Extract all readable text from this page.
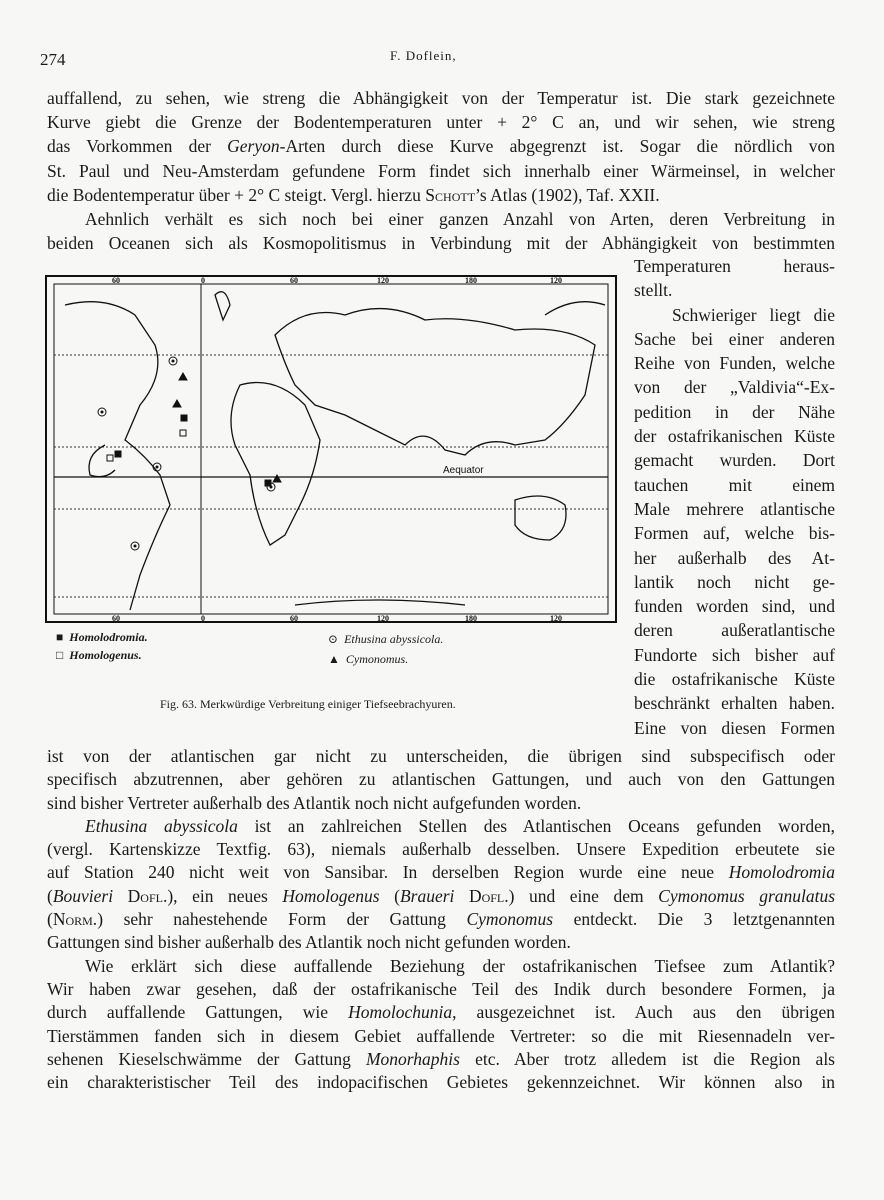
274	F. Doflein,
auffallend, zu sehen, wie streng die Abhängigkeit von der Temperatur ist. Die stark gezeichnete
Kurve giebt die Grenze der Bodentemperaturen unter + 2° C an, und wir sehen, wie streng
das Vorkommen der Geryon-Arten durch diese Kurve abgegrenzt ist. Sogar die nördlich von
St. Paul und Neu-Amsterdam gefundene Form findet sich innerhalb einer Wärmeinsel, in welcher
die Bodentemperatur über + 2° C steigt. Vergl. hierzu Schott’s Atlas (1902), Taf. XXII.
Aehnlich verhält es sich noch bei einer ganzen Anzahl von Arten, deren Verbreitung in
beiden Oceanen sich als Kosmopolitismus in Verbindung mit der Abhängigkeit von bestimmten
Temperaturen heraus-
stellt.
Schwieriger liegt die
Sache bei einer anderen
Reihe von Funden, welche
von der „Valdivia“-Ex-
pedition in der Nähe
der ostafrikanischen Küste
gemacht wurden. Dort
tauchen mit einem
Male mehrere atlantische
Formen auf, welche bis-
her außerhalb des At-
lantik noch nicht ge-
funden worden sind, und
deren außeratlantische
Fundorte sich bisher auf
die ostafrikanische Küste
beschränkt erhalten haben.
Eine von diesen Formen
ist von der atlantischen gar nicht zu unterscheiden, die übrigen sind subspecifisch oder
specifisch abzutrennen, aber gehören zu atlantischen Gattungen, und auch von den Gattungen
sind bisher Vertreter außerhalb des Atlantik noch nicht aufgefunden worden.
Ethusina abyssicola ist an zahlreichen Stellen des Atlantischen Oceans gefunden worden,
(vergl. Kartenskizze Textfig. 63), niemals außerhalb desselben. Unsere Expedition erbeutete sie
auf Station 240 nicht weit von Sansibar. In derselben Region wurde eine neue Homolodromia
(Bouvieri Dofl.), ein neues Homologenus (Braueri Dofl.) und eine dem Cymonomus granulatus
(Norm.) sehr nahestehende Form der Gattung Cymonomus entdeckt. Die 3 letztgenannten
Gattungen sind bisher außerhalb des Atlantik noch nicht gefunden worden.
Wie erklärt sich diese auffallende Beziehung der ostafrikanischen Tiefsee zum Atlantik?
Wir haben zwar gesehen, daß der ostafrikanische Teil des Indik durch besondere Formen, ja
durch auffallende Gattungen, wie Homolochunia, ausgezeichnet ist. Auch aus den übrigen
Tierstämmen fanden sich in diesem Gebiet auffallende Vertreter: so die mit Riesennadeln ver-
sehenen Kieselschwämme der Gattung Monorhaphis etc. Aber trotz alledem ist die Region als
ein charakteristischer Teil des indopacifischen Gebietes gekennzeichnet. Wir können also in
60	0	60	120	180	120
60	0	60	120	180	120
Aequator
■ Homolodromia.
□ Homologenus.
⊙ Ethusina abyssicola.
▲ Cymonomus.
Fig. 63. Merkwürdige Verbreitung einiger Tiefseebrachyuren.
